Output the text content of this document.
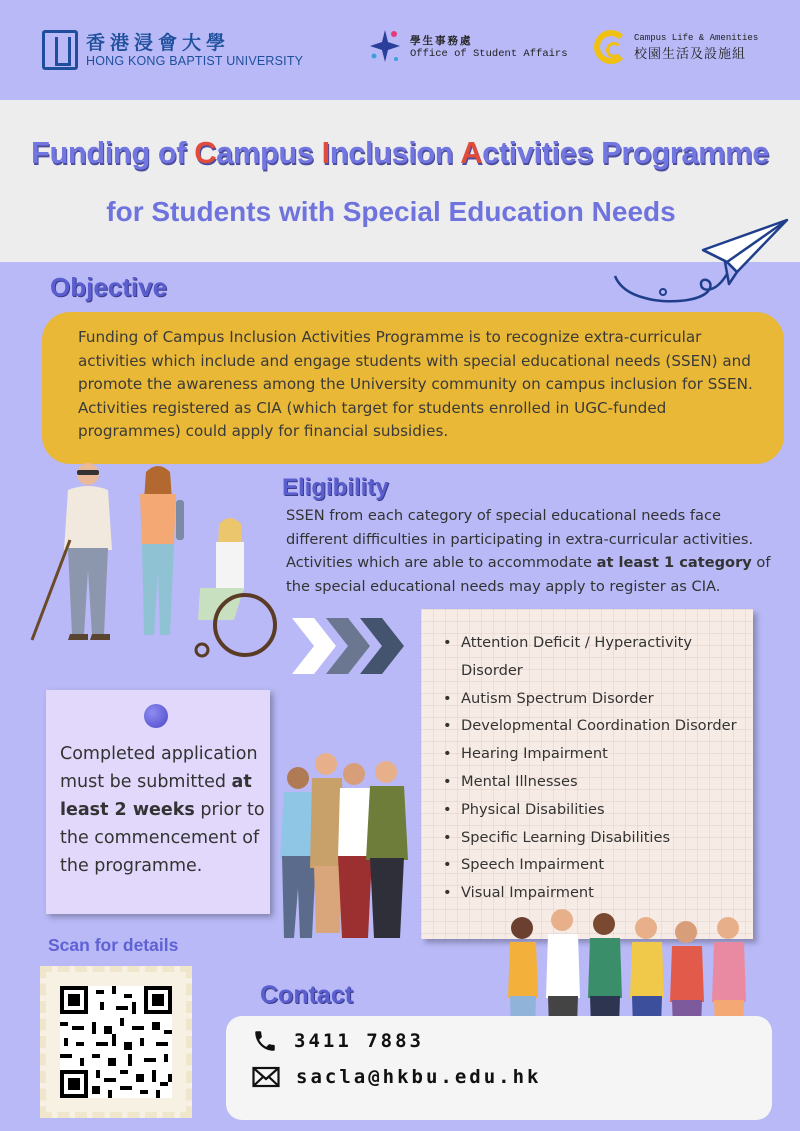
香港浸會大學
HONG KONG BAPTIST UNIVERSITY
學生事務處
Office of Student Affairs
Campus Life & Amenities
校園生活及設施組
Funding of Campus Inclusion Activities Programme
for Students with Special Education Needs
Objective
Funding of Campus Inclusion Activities Programme is to recognize extra-curricular activities which include and engage students with special educational needs (SSEN) and promote the awareness among the University community on campus inclusion for SSEN. Activities registered as CIA (which target for students enrolled in UGC-funded programmes) could apply for financial subsidies.
Eligibility
SSEN from each category of special educational needs face different difficulties in participating in extra-curricular activities. Activities which are able to accommodate at least 1 category of the special educational needs may apply to register as CIA.
• Attention Deficit / Hyperactivity Disorder
• Autism Spectrum Disorder
• Developmental Coordination Disorder
• Hearing Impairment
• Mental Illnesses
• Physical Disabilities
• Specific Learning Disabilities
• Speech Impairment
• Visual Impairment
Completed application must be submitted at least 2 weeks prior to the commencement of the programme.
Scan for details
Contact
3411 7883
sacla@hkbu.edu.hk
